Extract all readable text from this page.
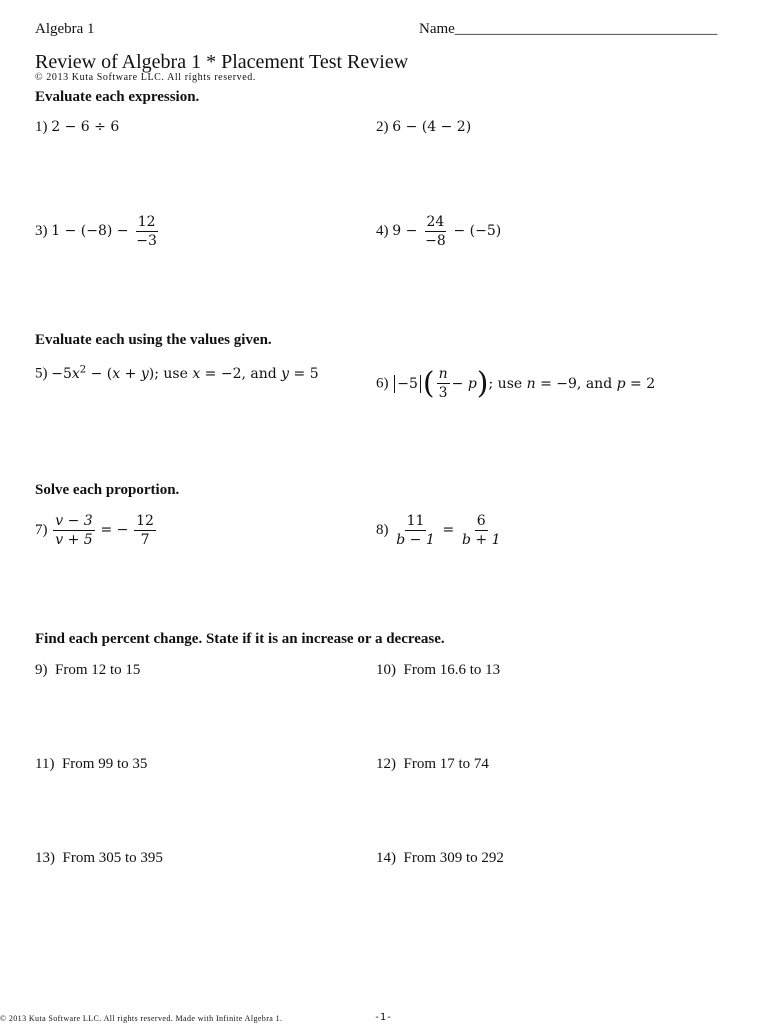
Algebra 1	Name___________________________________
Review of Algebra 1 * Placement Test Review
© 2013 Kuta Software LLC. All rights reserved.
Evaluate each expression.
1) 2 − 6 ÷ 6	2) 6 − (4 − 2)
3) $1 - (-8) - \frac{12}{-3}$	4) $9 - \frac{24}{-8} - (-5)$
Evaluate each using the values given.
$5) -5x^2 - (x + y)$; use x = −2, and y = 5
6) −5 ( $\frac{n}{3} - p$); use n = −9, and p = 2
Solve each proportion.
$7) \frac{v - 3}{v + 5}$ = − $\frac{12}{7}$	$8) \frac{11}{b - 1} = \frac{6}{b + 1}$
Find each percent change. State if it is an increase or a decrease.
9) From 12 to 15	10) From 16.6 to 13
11) From 99 to 35	12) From 17 to 74
13) From 305 to 395	14) From 309 to 292
© 2013 Kuta Software LLC. All rights reserved. Made with Infinite Algebra 1.	-1-
